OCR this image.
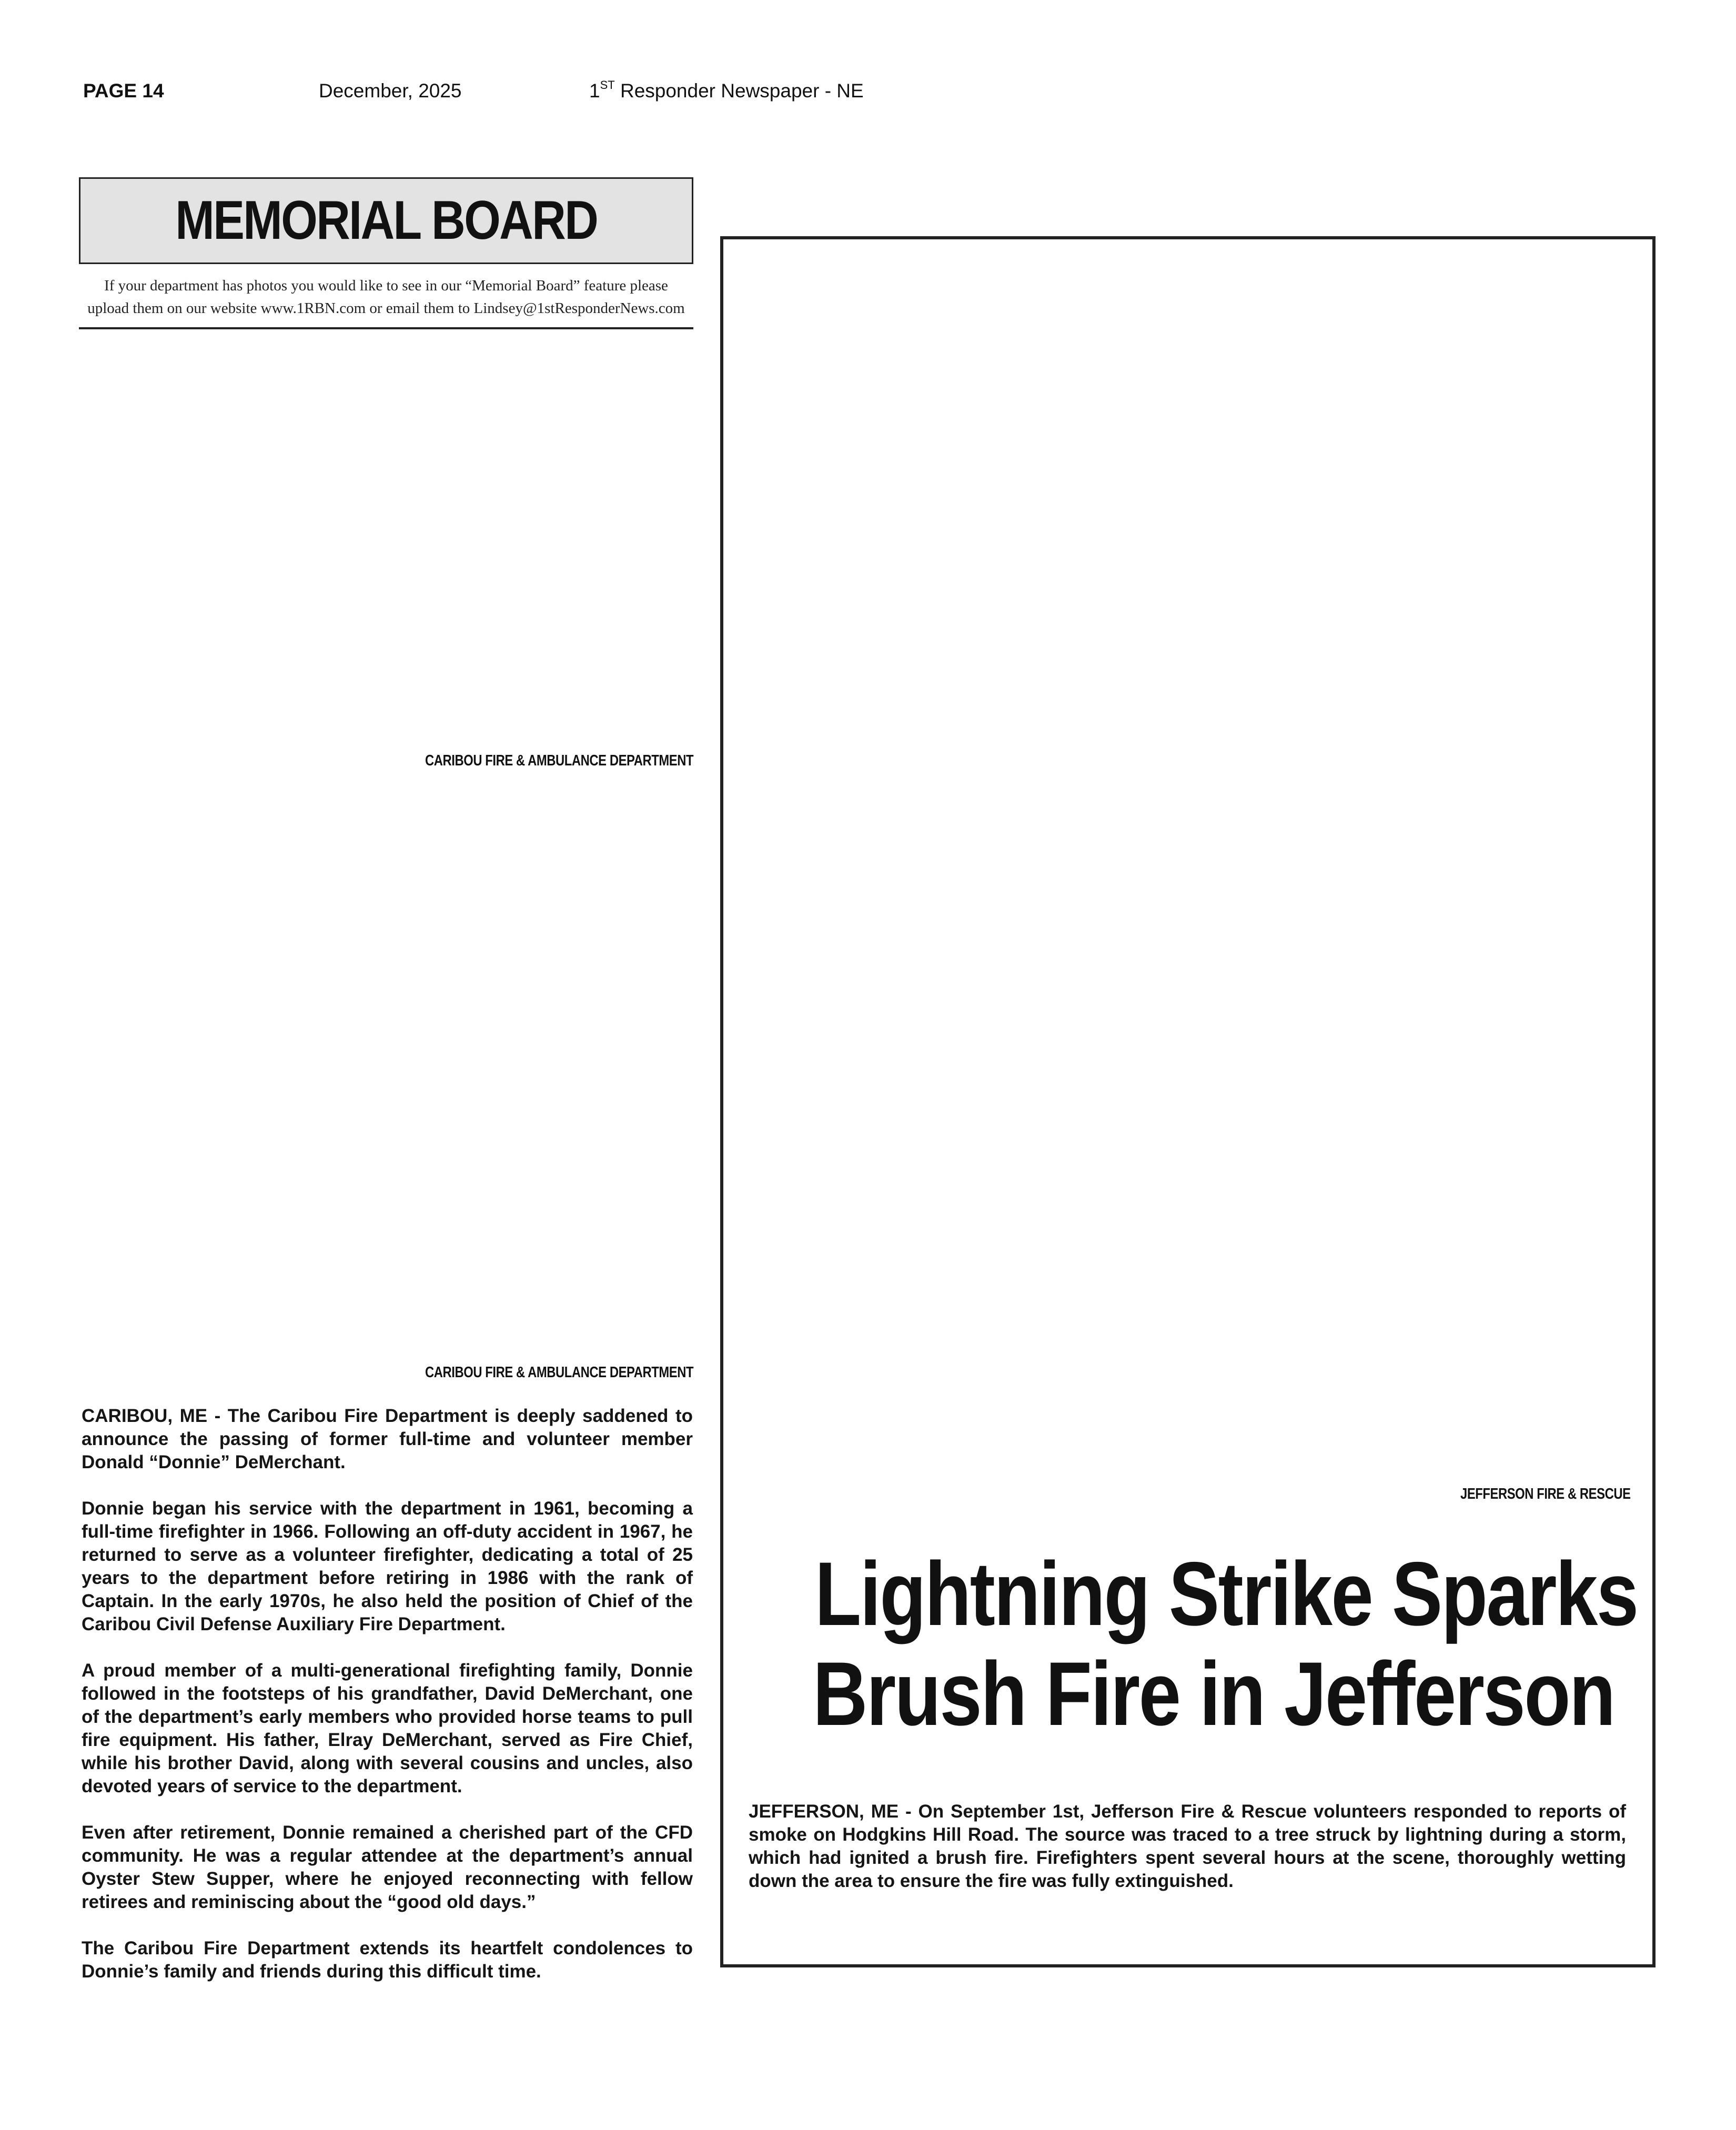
PAGE 14	December, 2025	1ST Responder Newspaper - NE
MEMORIAL BOARD
If your department has photos you would like to see in our “Memorial Board” feature please
upload them on our website www.1RBN.com or email them to Lindsey@1stResponderNews.com
CARIBOU FIRE & AMBULANCE DEPARTMENT
CARIBOU FIRE & AMBULANCE DEPARTMENT

CARIBOU, ME - The Caribou Fire Department is deeply saddened to announce the passing of former full-time and volunteer member Donald “Donnie” DeMerchant.

Donnie began his service with the department in 1961, becoming a full-time firefighter in 1966. Following an off-duty accident in 1967, he returned to serve as a volunteer firefighter, dedicating a total of 25 years to the department before retiring in 1986 with the rank of Captain. In the early 1970s, he also held the position of Chief of the Caribou Civil Defense Auxiliary Fire Department.

A proud member of a multi-generational firefighting family, Donnie followed in the footsteps of his grandfather, David DeMerchant, one of the department’s early members who provided horse teams to pull fire equipment. His father, Elray DeMerchant, served as Fire Chief, while his brother David, along with several cousins and uncles, also devoted years of service to the department.

Even after retirement, Donnie remained a cherished part of the CFD community. He was a regular attendee at the department’s annual Oyster Stew Supper, where he enjoyed reconnecting with fellow retirees and reminiscing about the “good old days.”

The Caribou Fire Department extends its heartfelt condolences to Donnie’s family and friends during this difficult time.

JEFFERSON FIRE & RESCUE
Lightning Strike Sparks
Brush Fire in Jefferson

JEFFERSON, ME - On September 1st, Jefferson Fire & Rescue volunteers responded to reports of smoke on Hodgkins Hill Road. The source was traced to a tree struck by lightning during a storm, which had ignited a brush fire. Firefighters spent several hours at the scene, thoroughly wetting down the area to ensure the fire was fully extinguished.
